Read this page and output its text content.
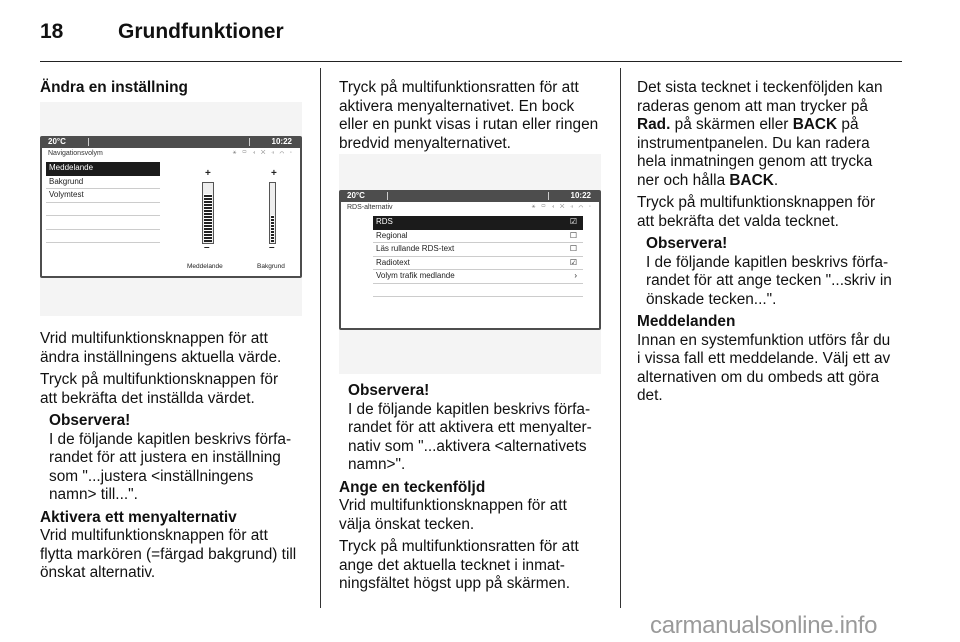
18	Grundfunktioner

Ändra en inställning

20°C	10:22
Navigationsvolym	⚹ ▭ ◃ ✕ ◃ ⌒ ◦
Meddelande
Bakgrund
Volymtest
+
–
+
–
Meddelande	Bakgrund

Vrid multifunktionsknappen för att
ändra inställningens aktuella värde.

Tryck på multifunktionsknappen för
att bekräfta det inställda värdet.

Observera!

I de följande kapitlen beskrivs förfa-
randet för att justera en inställning
som "...justera <inställningens
namn> till...".

Aktivera ett menyalternativ

Vrid multifunktionsknappen för att
flytta markören (=färgad bakgrund) till
önskat alternativ.

Tryck på multifunktionsratten för att
aktivera menyalternativet. En bock
eller en punkt visas i rutan eller ringen
bredvid menyalternativet.

20°C	10:22
RDS-alternativ	⚹ ▭ ◃ ✕ ◃ ⌒ ◦
RDS	☑
Regional	☐
Läs rullande RDS-text	☐
Radiotext	☑
Volym trafik medlande	›

Observera!

I de följande kapitlen beskrivs förfa-
randet för att aktivera ett menyalter-
nativ som "...aktivera <alternativets
namn>".

Ange en teckenföljd

Vrid multifunktionsknappen för att
välja önskat tecken.

Tryck på multifunktionsratten för att
ange det aktuella tecknet i inmat-
ningsfältet högst upp på skärmen.

Det sista tecknet i teckenföljden kan
raderas genom att man trycker på
Rad. på skärmen eller BACK på
instrumentpanelen. Du kan radera
hela inmatningen genom att trycka
ner och hålla BACK.

Tryck på multifunktionsknappen för
att bekräfta det valda tecknet.

Observera!

I de följande kapitlen beskrivs förfa-
randet för att ange tecken "...skriv in
önskade tecken...".

Meddelanden

Innan en systemfunktion utförs får du
i vissa fall ett meddelande. Välj ett av
alternativen om du ombeds att göra
det.

carmanualsonline.info
